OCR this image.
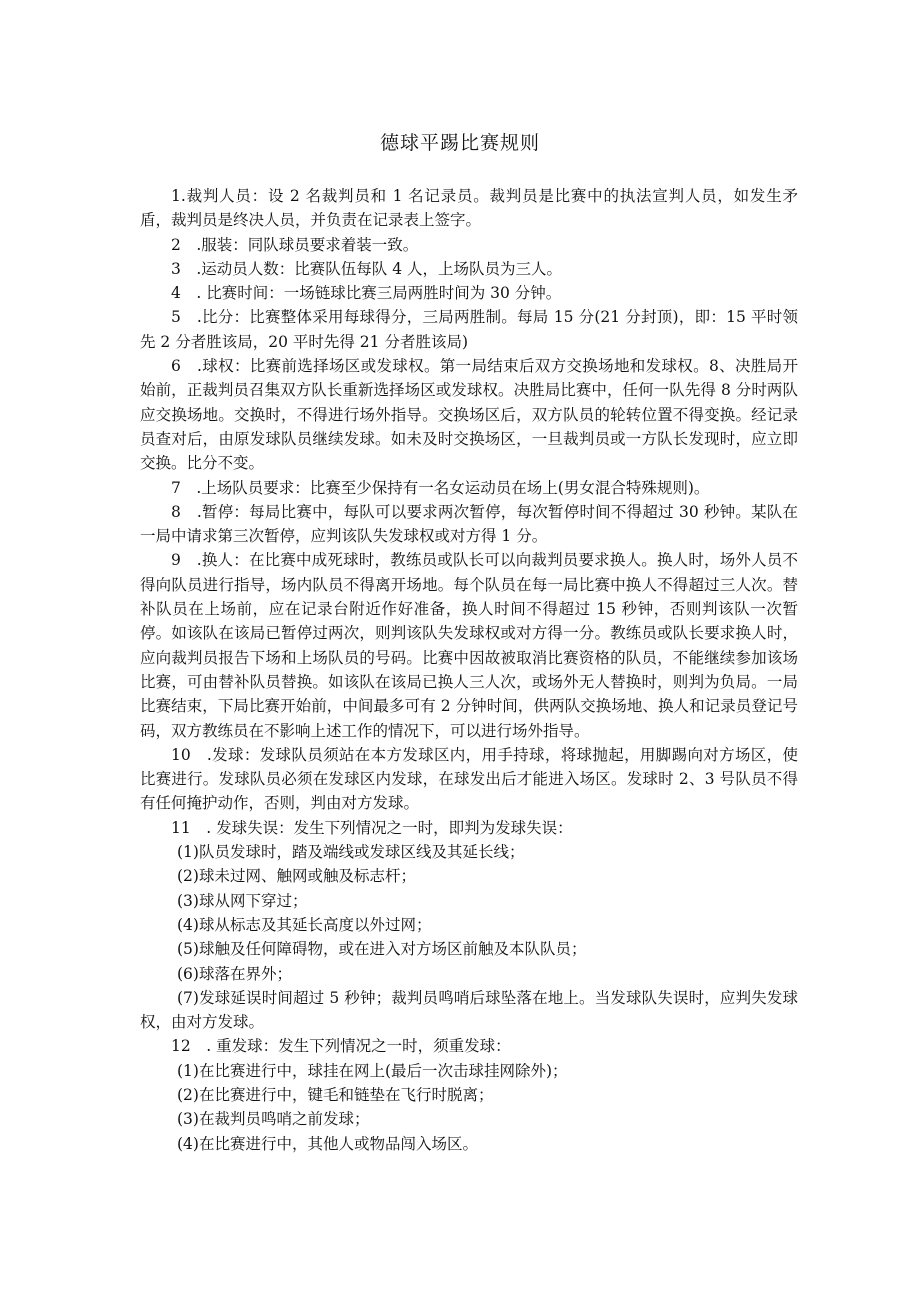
德球平踢比赛规则

1.裁判人员：设 2 名裁判员和 1 名记录员。裁判员是比赛中的执法宣判人员，如发生矛盾，裁判员是终决人员，并负责在记录表上签字。

2　.服装：同队球员要求着装一致。

3　.运动员人数：比赛队伍每队 4 人，上场队员为三人。

4　. 比赛时间：一场链球比赛三局两胜时间为 30 分钟。

5　.比分：比赛整体采用每球得分，三局两胜制。每局 15 分(21 分封顶)，即：15 平时领先 2 分者胜该局，20 平时先得 21 分者胜该局)

6　.球权：比赛前选择场区或发球权。第一局结束后双方交换场地和发球权。8、决胜局开始前，正裁判员召集双方队长重新选择场区或发球权。决胜局比赛中，任何一队先得 8 分时两队应交换场地。交换时，不得进行场外指导。交换场区后，双方队员的轮转位置不得变换。经记录员查对后，由原发球队员继续发球。如未及时交换场区，一旦裁判员或一方队长发现时，应立即交换。比分不变。

7　.上场队员要求：比赛至少保持有一名女运动员在场上(男女混合特殊规则)。

8　.暂停：每局比赛中，每队可以要求两次暂停，每次暂停时间不得超过 30 秒钟。某队在一局中请求第三次暂停，应判该队失发球权或对方得 1 分。

9　.换人：在比赛中成死球时，教练员或队长可以向裁判员要求换人。换人时，场外人员不得向队员进行指导，场内队员不得离开场地。每个队员在每一局比赛中换人不得超过三人次。替补队员在上场前，应在记录台附近作好准备，换人时间不得超过 15 秒钟，否则判该队一次暂停。如该队在该局已暂停过两次，则判该队失发球权或对方得一分。教练员或队长要求换人时，应向裁判员报告下场和上场队员的号码。比赛中因故被取消比赛资格的队员，不能继续参加该场比赛，可由替补队员替换。如该队在该局已换人三人次，或场外无人替换时，则判为负局。一局比赛结束，下局比赛开始前，中间最多可有 2 分钟时间，供两队交换场地、换人和记录员登记号码，双方教练员在不影响上述工作的情况下，可以进行场外指导。

10　.发球：发球队员须站在本方发球区内，用手持球，将球抛起，用脚踢向对方场区，使比赛进行。发球队员必须在发球区内发球，在球发出后才能进入场区。发球时 2、3 号队员不得有任何掩护动作，否则，判由对方发球。

11　. 发球失误：发生下列情况之一时，即判为发球失误：

(1)队员发球时，踏及端线或发球区线及其延长线；

(2)球未过网、触网或触及标志杆；

(3)球从网下穿过；

(4)球从标志及其延长高度以外过网；

(5)球触及任何障碍物，或在进入对方场区前触及本队队员；

(6)球落在界外；

(7)发球延误时间超过 5 秒钟；裁判员鸣哨后球坠落在地上。当发球队失误时，应判失发球权，由对方发球。

12　. 重发球：发生下列情况之一时，须重发球：

(1)在比赛进行中，球挂在网上(最后一次击球挂网除外)；

(2)在比赛进行中，键毛和链垫在飞行时脱离；

(3)在裁判员鸣哨之前发球；

(4)在比赛进行中，其他人或物品闯入场区。
